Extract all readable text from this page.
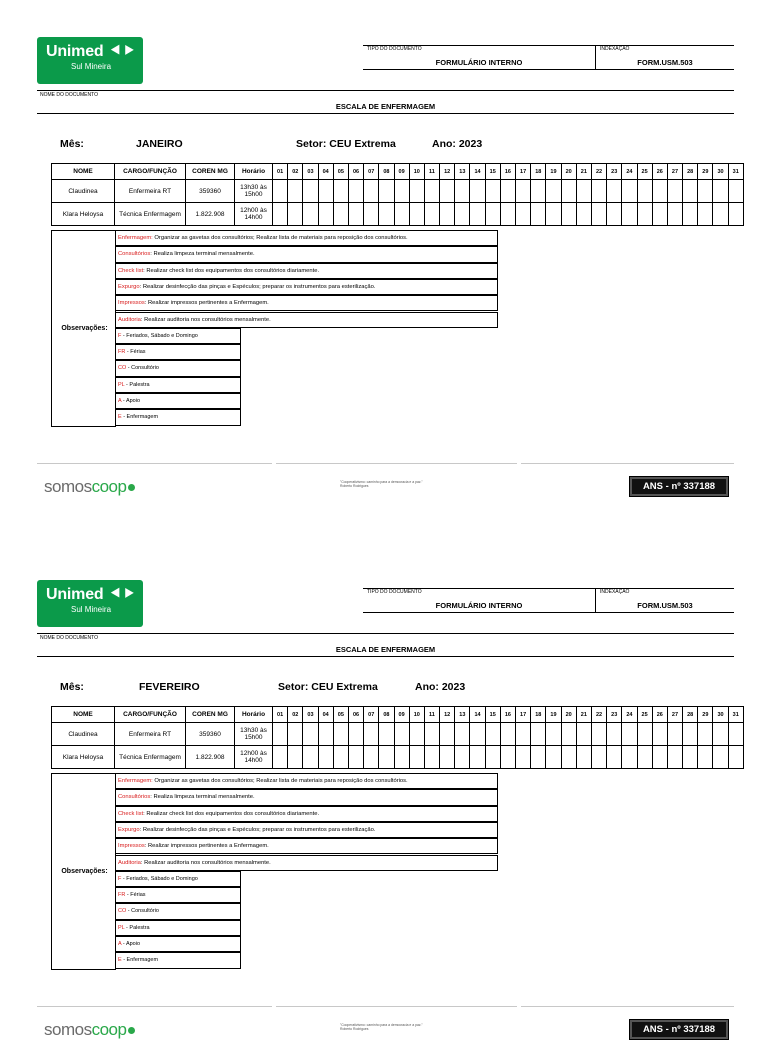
Unimed ⯇⯈
Sul Mineira
TIPO DO DOCUMENTO
FORMULÁRIO INTERNO
INDEXAÇÃO
FORM.USM.503
NOME DO DOCUMENTO
ESCALA DE ENFERMAGEM
Mês:	JANEIRO	Setor: CEU Extrema	Ano: 2023
NOME	CARGO/FUNÇÃO	COREN MG	Horário	01	02	03	04	05	06	07	08	09	10	11	12	13	14	15	16	17	18	19	20	21	22	23	24	25	26	27	28	29	30	31
Claudinea	Enfermeira RT	359360	13h30 às 15h00																															
Klara Heloysa	Técnica Enfermagem	1.822.908	12h00 às 14h00																															
Observações:
Enfermagem: Organizar as gavetas dos consultórios; Realizar lista de materiais para reposição dos consultórios.
Consultórios: Realiza limpeza terminal mensalmente.
Check list: Realizar check list dos equipamentos dos consultórios diariamente.
Expurgo: Realizar desinfecção das pinças e Espéculos; preparar os instrumentos para esterilização.
Impressos: Realizar impressos pertinentes a Enfermagem.
Auditoria: Realizar auditoria nos consultórios mensalmente.
F - Feriados, Sábado e Domingo
FR - Férias
CO - Consultório
PL - Palestra
A - Apoio
E - Enfermagem
somoscoop	"Cooperativismo: caminho para a democracia e a paz."
Roberto Rodrigues	ANS - nº 337188
Unimed ⯇⯈
Sul Mineira
TIPO DO DOCUMENTO
FORMULÁRIO INTERNO
INDEXAÇÃO
FORM.USM.503
NOME DO DOCUMENTO
ESCALA DE ENFERMAGEM
Mês:	FEVEREIRO	Setor: CEU Extrema	Ano: 2023
NOME	CARGO/FUNÇÃO	COREN MG	Horário	01	02	03	04	05	06	07	08	09	10	11	12	13	14	15	16	17	18	19	20	21	22	23	24	25	26	27	28	29	30	31
Claudinea	Enfermeira RT	359360	13h30 às 15h00																															
Klara Heloysa	Técnica Enfermagem	1.822.908	12h00 às 14h00																															
Observações:
Enfermagem: Organizar as gavetas dos consultórios; Realizar lista de materiais para reposição dos consultórios.
Consultórios: Realiza limpeza terminal mensalmente.
Check list: Realizar check list dos equipamentos dos consultórios diariamente.
Expurgo: Realizar desinfecção das pinças e Espéculos; preparar os instrumentos para esterilização.
Impressos: Realizar impressos pertinentes a Enfermagem.
Auditoria: Realizar auditoria nos consultórios mensalmente.
F - Feriados, Sábado e Domingo
FR - Férias
CO - Consultório
PL - Palestra
A - Apoio
E - Enfermagem
somoscoop	"Cooperativismo: caminho para a democracia e a paz."
Roberto Rodrigues	ANS - nº 337188
